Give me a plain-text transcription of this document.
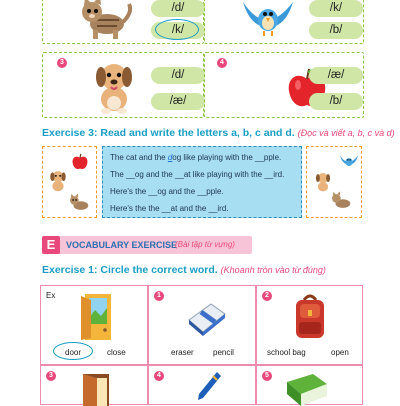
/d/
/k/
/k/
/b/
3
/d/
/æ/
4
/æ/
/b/
Exercise 3: Read and write the letters a, b, c and d. (Đọc và viết a, b, c và d)
The cat and the dog like playing with the __pple.
The __og and the __at like playing with the __ird.
Here's the __og and the __pple.
Here's the the __at and the __ird.
E	VOCABULARY EXERCISE
(Bài tập từ vựng)
Exercise 1: Circle the correct word. (Khoanh tròn vào từ đúng)
Ex
door	close
1
eraser pencil
2
school bag	open
3	4	5
